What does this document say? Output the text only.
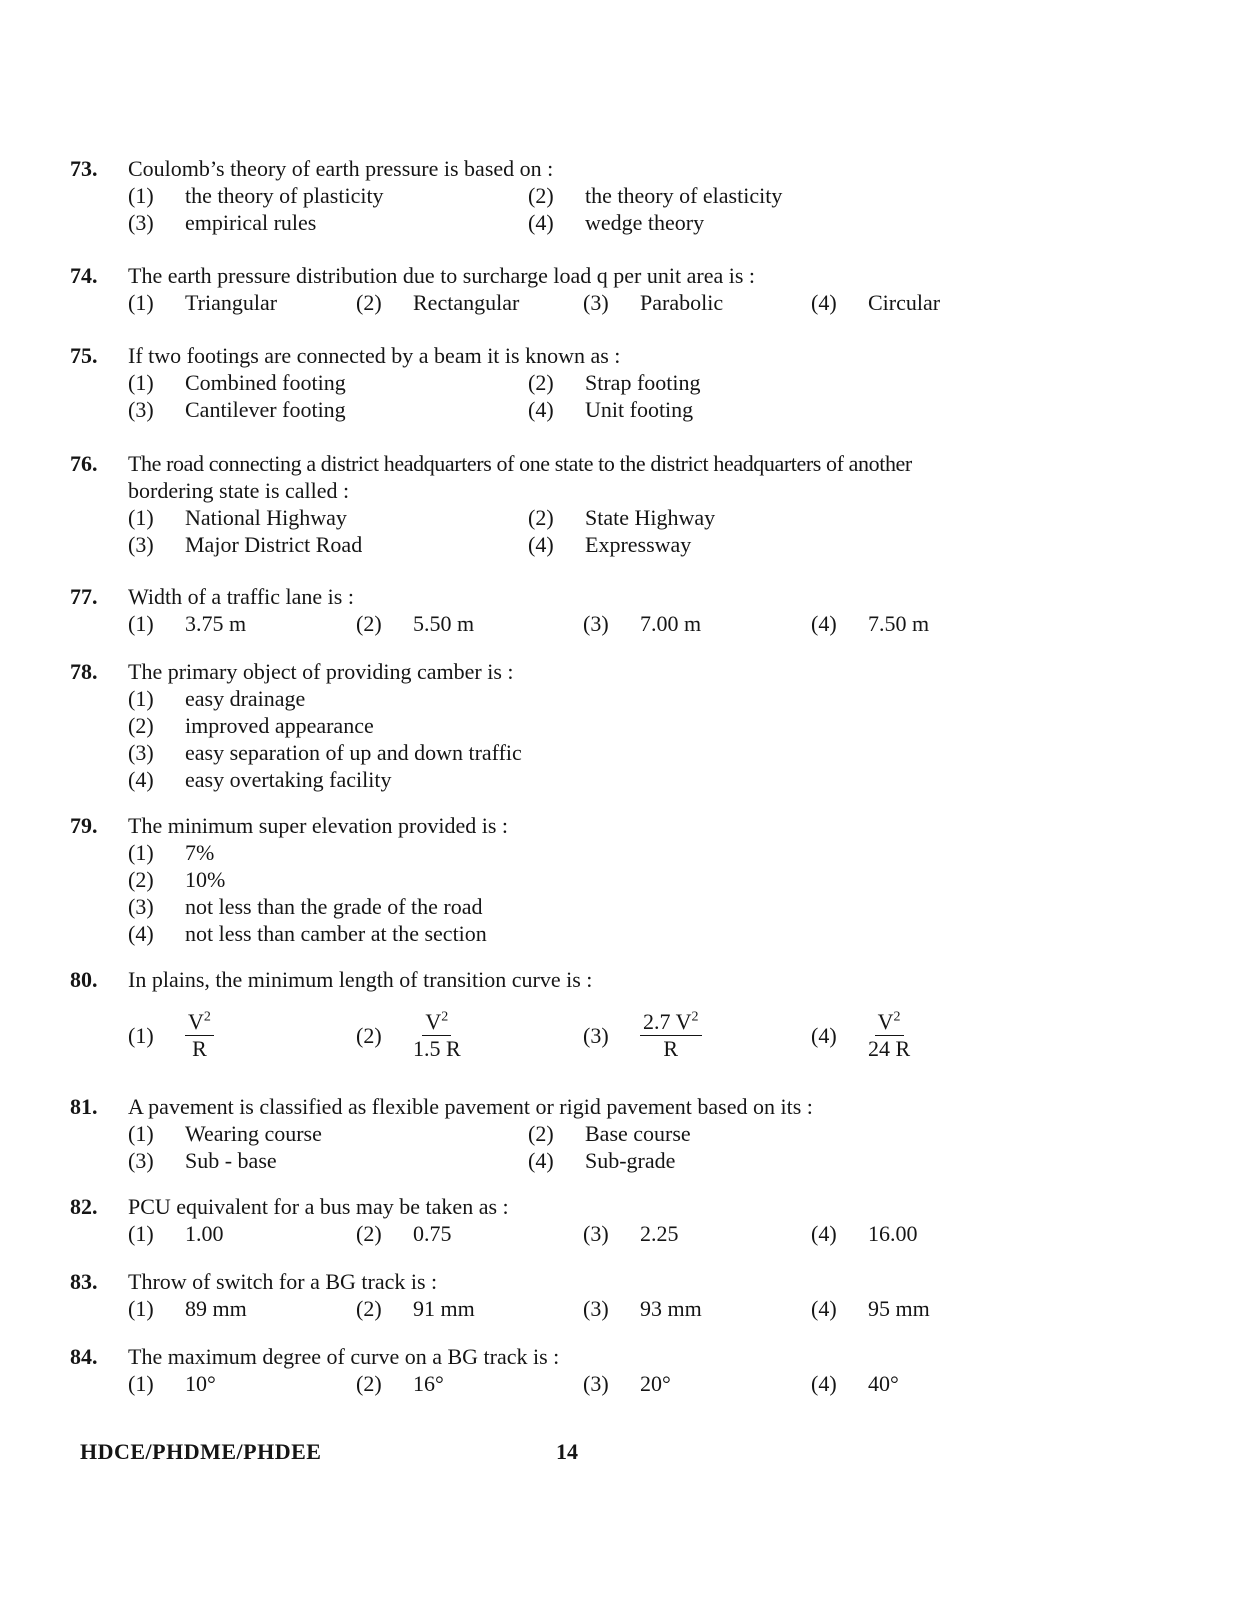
73. Coulomb’s theory of earth pressure is based on :
(1) the theory of plasticity	(2) the theory of elasticity
(3) empirical rules	(4) wedge theory
74. The earth pressure distribution due to surcharge load q per unit area is :
(1) Triangular	(2) Rectangular	(3) Parabolic	(4) Circular
75. If two footings are connected by a beam it is known as :
(1) Combined footing	(2) Strap footing
(3) Cantilever footing	(4) Unit footing
76. The road connecting a district headquarters of one state to the district headquarters of another
bordering state is called :
(1) National Highway	(2) State Highway
(3) Major District Road	(4) Expressway
77. Width of a traffic lane is :
(1) 3.75 m	(2) 5.50 m	(3) 7.00 m	(4) 7.50 m
78. The primary object of providing camber is :
(1) easy drainage
(2) improved appearance
(3) easy separation of up and down traffic
(4) easy overtaking facility
79. The minimum super elevation provided is :
(1) 7%
(2) 10%
(3) not less than the grade of the road
(4) not less than camber at the section
80. In plains, the minimum length of transition curve is :
(1)	$\frac{V^2}{R}$	(2)	$\frac{V^2}{1.5 R}$	(3)	$\frac{2.7 V^2}{R}$	(4)	$\frac{V^2}{24 R}$
81. A pavement is classified as flexible pavement or rigid pavement based on its :
(1) Wearing course	(2) Base course
(3) Sub - base	(4) Sub-grade
82. PCU equivalent for a bus may be taken as :
(1) 1.00	(2) 0.75	(3) 2.25	(4) 16.00
83. Throw of switch for a BG track is :
(1) 89 mm	(2) 91 mm	(3) 93 mm	(4) 95 mm
84. The maximum degree of curve on a BG track is :
(1) 10°	(2) 16°	(3) 20°	(4) 40°
HDCE/PHDME/PHDEE	14
